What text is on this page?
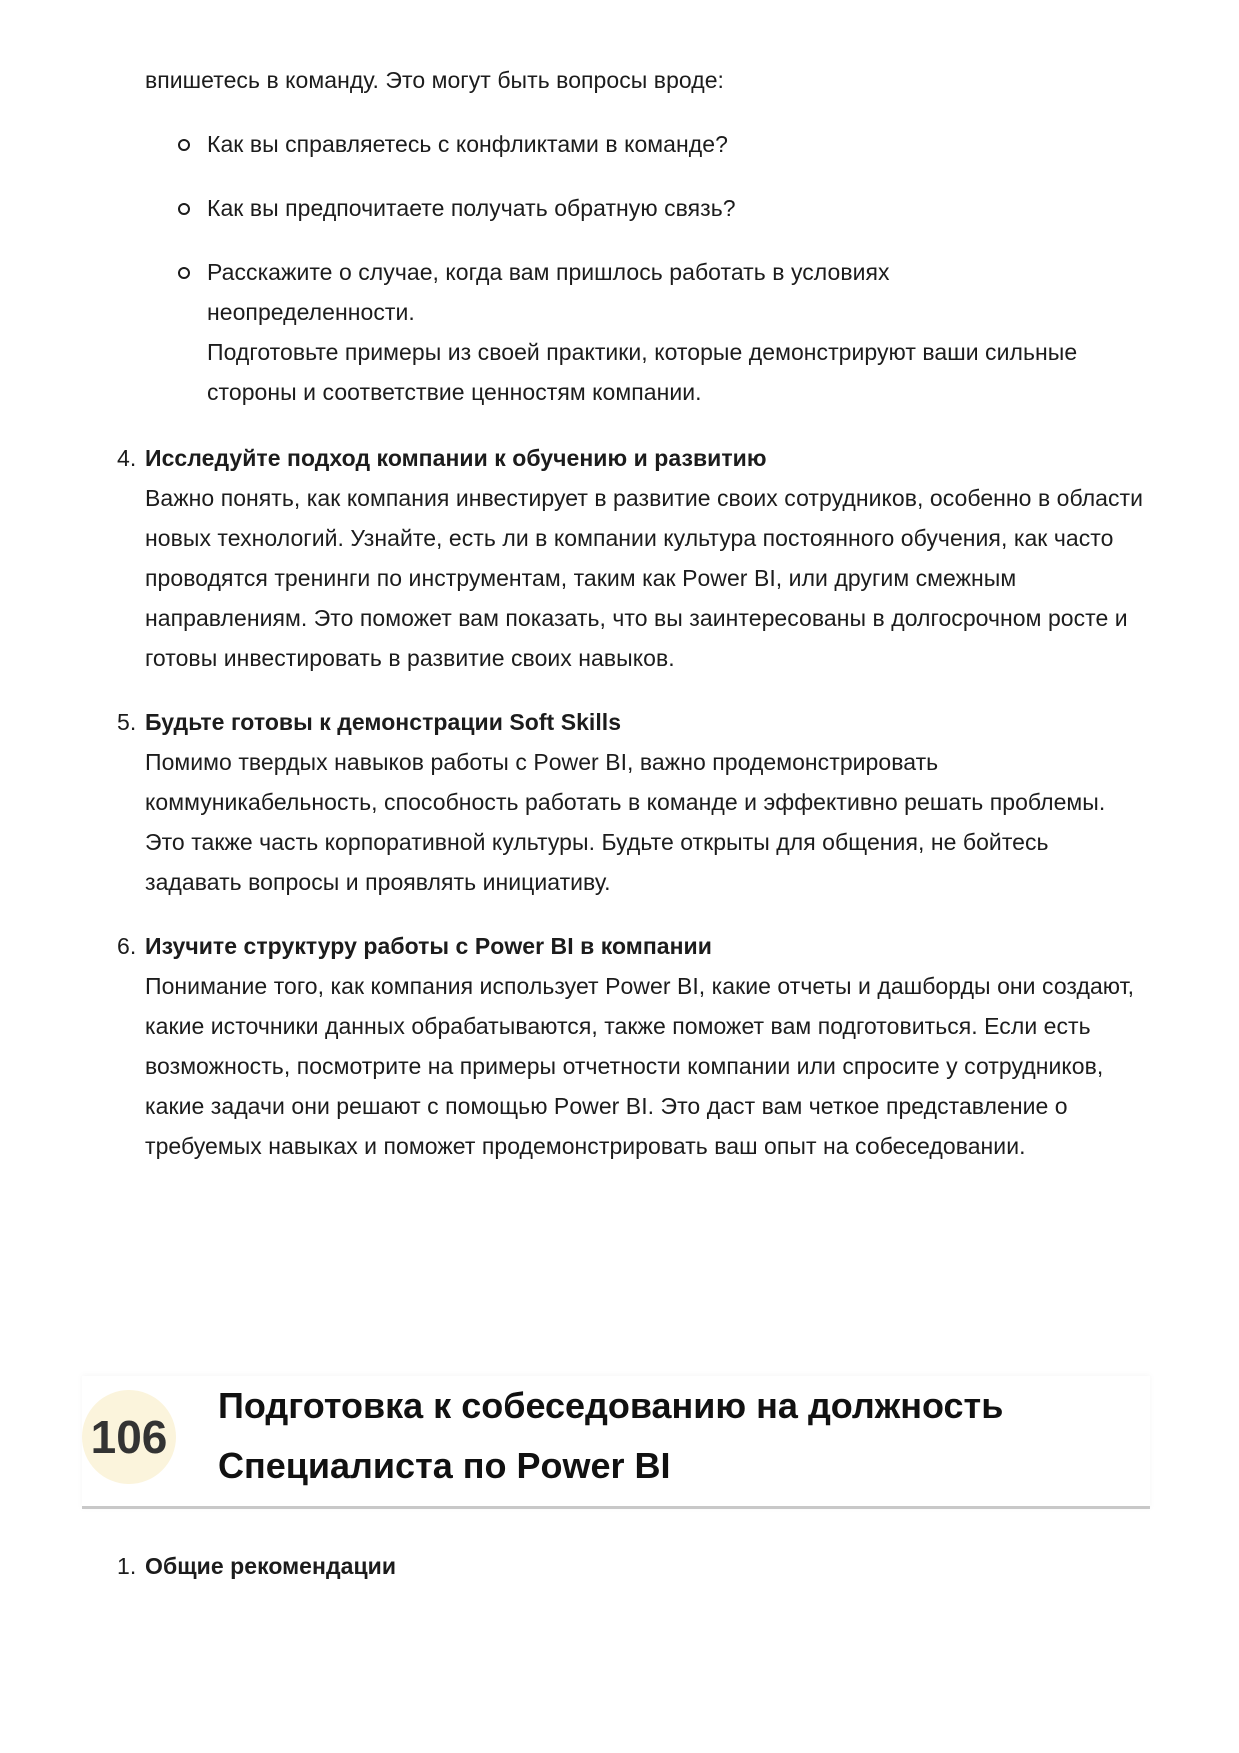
впишетесь в команду. Это могут быть вопросы вроде:
Как вы справляетесь с конфликтами в команде?
Как вы предпочитаете получать обратную связь?
Расскажите о случае, когда вам пришлось работать в условиях неопределенности.
Подготовьте примеры из своей практики, которые демонстрируют ваши сильные стороны и соответствие ценностям компании.
4. Исследуйте подход компании к обучению и развитию
Важно понять, как компания инвестирует в развитие своих сотрудников, особенно в области новых технологий. Узнайте, есть ли в компании культура постоянного обучения, как часто проводятся тренинги по инструментам, таким как Power BI, или другим смежным направлениям. Это поможет вам показать, что вы заинтересованы в долгосрочном росте и готовы инвестировать в развитие своих навыков.
5. Будьте готовы к демонстрации Soft Skills
Помимо твердых навыков работы с Power BI, важно продемонстрировать коммуникабельность, способность работать в команде и эффективно решать проблемы. Это также часть корпоративной культуры. Будьте открыты для общения, не бойтесь задавать вопросы и проявлять инициативу.
6. Изучите структуру работы с Power BI в компании
Понимание того, как компания использует Power BI, какие отчеты и дашборды они создают, какие источники данных обрабатываются, также поможет вам подготовиться. Если есть возможность, посмотрите на примеры отчетности компании или спросите у сотрудников, какие задачи они решают с помощью Power BI. Это даст вам четкое представление о требуемых навыках и поможет продемонстрировать ваш опыт на собеседовании.
106
Подготовка к собеседованию на должность
Специалиста по Power BI
1. Общие рекомендации
